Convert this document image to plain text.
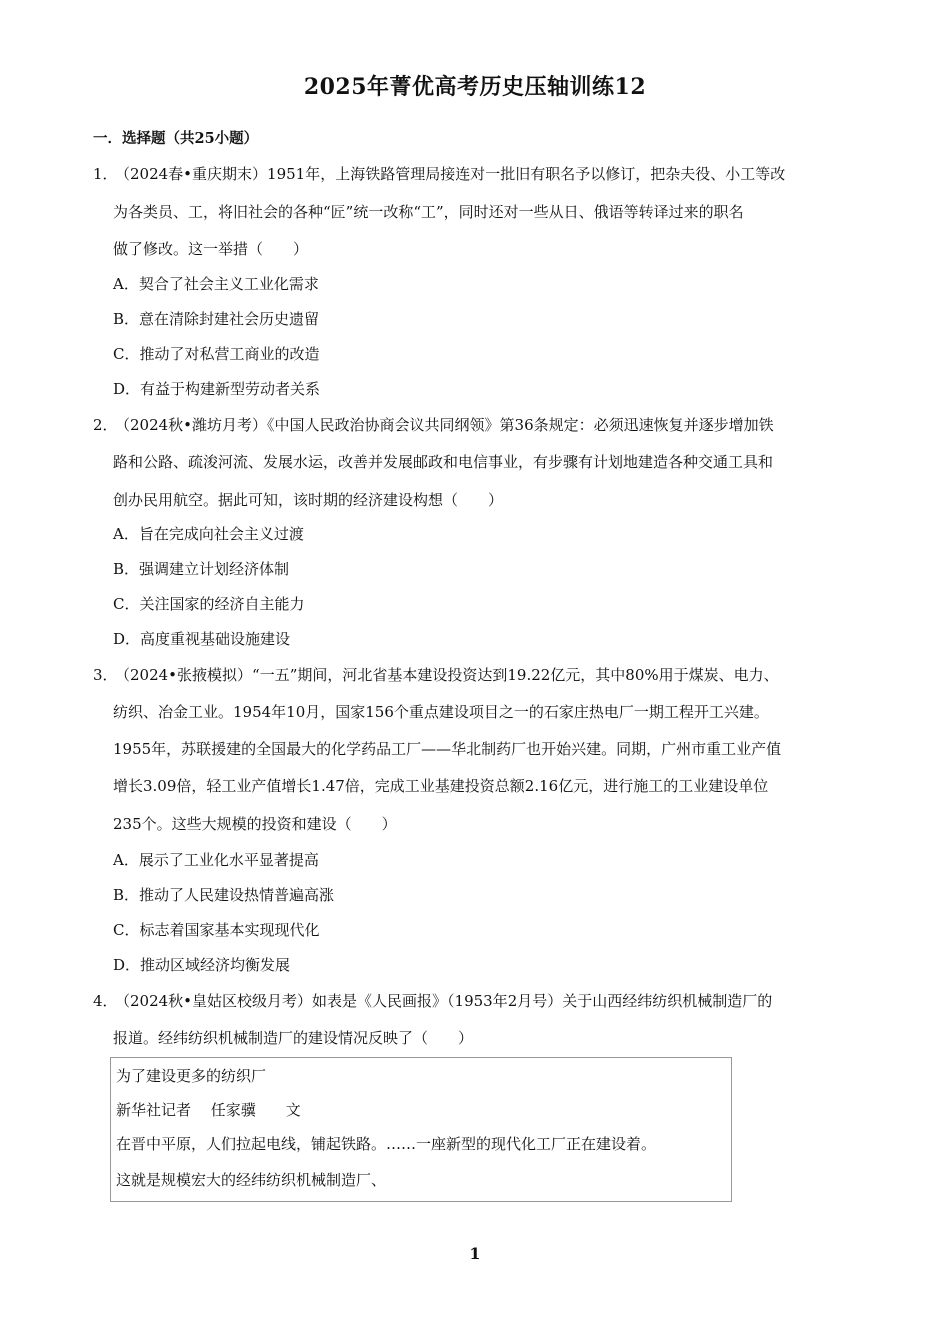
2025年菁优高考历史压轴训练12
一．选择题（共25小题）
1．
（2024春•重庆期末）1951年，上海铁路管理局接连对一批旧有职名予以修订，把杂夫役、小工等改
为各类员、工，将旧社会的各种“匠”统一改称“工”，同时还对一些从日、俄语等转译过来的职名
做了修改。这一举措（　　）
A．契合了社会主义工业化需求
B．意在清除封建社会历史遗留
C．推动了对私营工商业的改造
D．有益于构建新型劳动者关系
2．
（2024秋•潍坊月考）《中国人民政治协商会议共同纲领》第36条规定：必须迅速恢复并逐步增加铁
路和公路、疏浚河流、发展水运，改善并发展邮政和电信事业，有步骤有计划地建造各种交通工具和
创办民用航空。据此可知，该时期的经济建设构想（　　）
A．旨在完成向社会主义过渡
B．强调建立计划经济体制
C．关注国家的经济自主能力
D．高度重视基础设施建设
3．
（2024•张掖模拟）“一五”期间，河北省基本建设投资达到19.22亿元，其中80%用于煤炭、电力、
纺织、冶金工业。1954年10月，国家156个重点建设项目之一的石家庄热电厂一期工程开工兴建。
1955年，苏联援建的全国最大的化学药品工厂——华北制药厂也开始兴建。同期，广州市重工业产值
增长3.09倍，轻工业产值增长1.47倍，完成工业基建投资总额2.16亿元，进行施工的工业建设单位
235个。这些大规模的投资和建设（　　）
A．展示了工业化水平显著提高
B．推动了人民建设热情普遍高涨
C．标志着国家基本实现现代化
D．推动区域经济均衡发展
4．
（2024秋•皇姑区校级月考）如表是《人民画报》（1953年2月号）关于山西经纬纺织机械制造厂的
报道。经纬纺织机械制造厂的建设情况反映了（　　）
为了建设更多的纺织厂
新华社记者　 任家骥　　文
在晋中平原，人们拉起电线，铺起铁路。……一座新型的现代化工厂正在建设着。
这就是规模宏大的经纬纺织机械制造厂、
1
